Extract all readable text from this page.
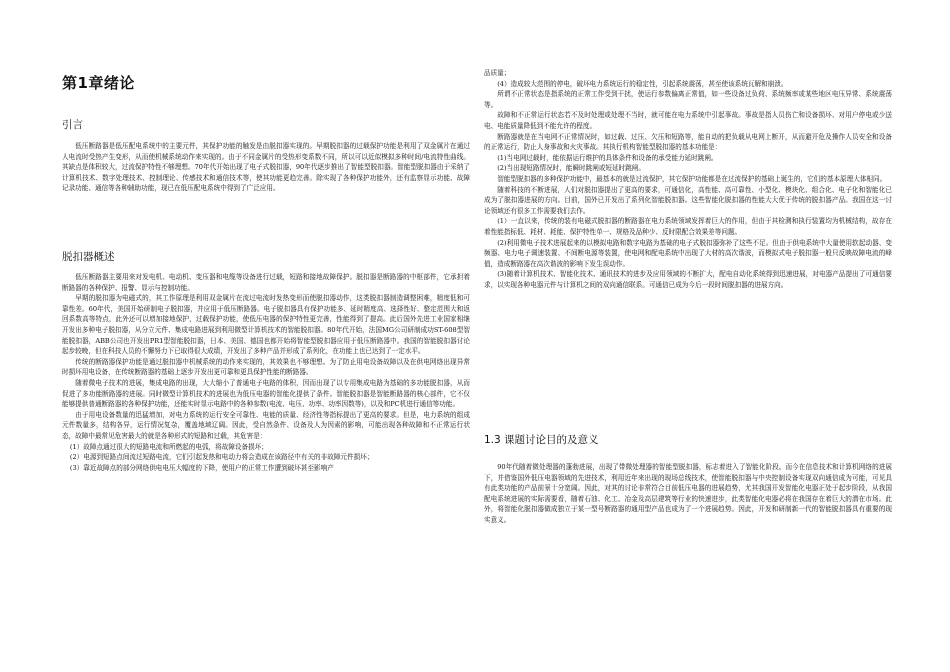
第1章绪论
引言

低压断路器是低压配电系统中的主要元件，其保护功能的触发是由脱扣器实现的。早期脱扣器的过载保护功能是利用了双金属片在通过人电流时受热产生变形，从而使机械系统动作来实现的。由于不同金属片的受热形变系数不同，所以可以近似模拟多种时间/电流特性曲线。其缺点是体积较大，过流保护特性不够理想。70年代开始出现了电子式脱扣器，90年代逐步推出了智能型脱扣器。智能型脱扣器由于采纳了计算机技术、数字处理技术、控制理论、传感技术和通信技术等，使其功能更趋完善。除实现了各种保护功能外，还有监察显示功能、故障记录功能、通信等各种辅助功能，现已在低压配电系统中得到了广泛应用。

脱扣器概述

低压断路器主要用来对发电机、电动机、变压器和电缆等设备进行过载，短路和接地故障保护。脱扣器是断路器的中枢部件，它承担着断路器的各种保护、报警、显示与控制功能。

早期的脱扣器为电磁式的，其工作原理是利用双金属片在流过电流时发热变形而使脱扣器动作，这类脱扣器制造调整困难，精度低和可靠性差。60年代，美国开始研制电子脱扣器，并应用于低压断路器。电子脱扣器具有保护功能多、延时精度高、选择性好、整定范围大和返回系数高等特点，此外还可以增加接地保护，过载保护功能，使低压电器的保护特性更完善，性能得到了提高。此后国外先进工业国家相继开发出多种电子脱扣器，从分立元件、集成电路进展到利用微型计算机技术的智能脱扣器。80年代开始，法国MG公司研制成功ST-608型智能脱扣器，ABB公司也开发出PR1型智能脱扣器，日本、美国、德国也都开始将智能型脱扣器应用于低压断路器中。我国的智能脱扣器讨论起步较晚，但在科技人员的不懈努力下已取得很大成绩，开发出了多种产品并形成了系列化，在功能上也已达到了一定水平。

传统的断路器保护功能是通过脱扣器中机械系统的动作来实现的，其效果也不够理想。为了防止用电设备故障以及在供电网络出现异常时损坏用电设备，在传统断路器的基础上逐步开发出更可靠和更具保护性能的断路器。

随着微电子技术的进展，集成电路的出现，大大缩小了普通电子电路的体积，因而出现了以专用集成电路为基础的多功能脱扣器，从而促进了多功能断路器的进展。同时微型计算机技术的进展也为低压电器的智能化提供了条件。智能脱扣器是智能断路器的核心部件，它不仅能够提供普通断路器的各种保护功能，还能实时显示电路中的各种参数(电流、电压、功率、功率因数等)，以及和PC机进行通信等功能。

由于用电设备数量的迅猛增加，对电力系统的运行安全可靠性、电能的质量、经济性等指标提出了更高的要求。但是，电力系统的组成元件数量多，结构各异，运行情况复杂，覆盖地域辽阔。因此，受自然条件、设备及人为因素的影响，可能出现各种故障和不正常运行状态，故障中最常见危害最大的就是各种形式的短路和过载，其危害是：

(1）故障点通过很大的短路电流和所燃起的电弧，将故障设备损坏；

(2）电源到短路点间流过短路电流，它们引起发热和电动力将会造成在该路径中有关的非故障元件损坏；

(3）靠近故障点的部分网络供电电压大幅度的下降，使用户的正常工作遭到破坏甚至影响产

品质量；

(4）造成较大范围的停电，破坏电力系统运行的稳定性，引起系统震荡，甚至使该系统瓦解和崩溃。

所谓不正常状态是指系统的正常工作受到干扰，使运行参数偏离正常值，如一些设备过负荷、系统频率或某些地区电压异常、系统震荡等。

故障和不正常运行状态若不及时处理或处理不当时，就可能在电力系统中引起事故。事故是指人员伤亡和设备损坏、对用户停电或少送电、电能质量降低到不能允许的程度。

断路器就是在当电网不正常情况时，如过载、过压、欠压和短路等，能自动的把负载从电网上断开，从而避开危及操作人员安全和设备的正常运行，防止人身事故和火灾事故。其执行机构智能型脱扣器的基本功能是：

(1)当电网过载时，能依据运行维护的具体条件和设备的承受能力延时跳闸。

(2)当出现短路情况时，能瞬时跳闸或短延时跳闸。

智能型脱扣器的多种保护功能中，最基本的就是过流保护，其它保护功能都是在过流保护的基础上诞生的，它们的基本原理大体相同。

随着科技的不断进展，人们对脱扣器提出了更高的要求，可通信化，高性能、高可靠性、小型化、模块化、组合化、电子化和智能化已成为了脱扣器进展的方向。目前，国外已开发出了系列化智能脱扣器。这些智能化脱扣器的性能大大优于传统的脱扣器产品。我国在这一讨论领域还有很多工作需要我们去作。

(1）一直以来，传统的装有电磁式脱扣器的断路器在电力系统领域发挥着巨大的作用，但由于其检测和执行装置均为机械结构，故存在着性能指标低、耗材、耗能、保护特性单一、规格及品种少、反时限配合效果差等问题。

(2)利用微电子技术进展起来的以模拟电路和数字电路为基础的电子式脱扣器弥补了这些不足。但由于供电系统中大量使用软起动器、变频器、电力电子调速装置、不间断电源等装置，使电网和配电系统中出现了大材的高次谐波，而模拟式电子脱扣器一般只反映故障电流的峰值，造成断路器在高次谐波的影响下发生误动作。

(3)随着计算机技术、智能化技术、通讯技术的进步及应用领域的不断扩大，配电自动化系统得到迅速进展，对电器产品提出了可通信要求，以实现各种电器元件与计算机之间的双向通信联系。可通信已成为今后一段时间脱扣器的进展方向。

1.3 课题讨论目的及意义

90年代随着微处理器的蓬勃进展，出现了带微处理器的智能型脱扣器，标志着进入了智能化阶段。而今在信息技术和计算机网络的进展下，并借鉴国外低压电器领域的先进技术，利用近年来出现的现场总线技术，使智能脱扣器与中央控制设备实现双向通信成为可能，可见具有此类功能的产品前景十分宽阔。因此，对其的讨论非常符合目前低压电器的进展趋势，尤其我国开发智能化电器正处于起步阶段，从我国配电系统进展的实际需要看，随着石油、化工、冶金及高层建筑等行业的快速进步，此类智能化电器必将在我国存在着巨大的潜在市场。此外，将智能化脱扣器做成独立于某一型号断路器的通用型产品也成为了一个进展趋势。因此，开发和研制新一代的智能脱扣器具有重要的现实意义。
